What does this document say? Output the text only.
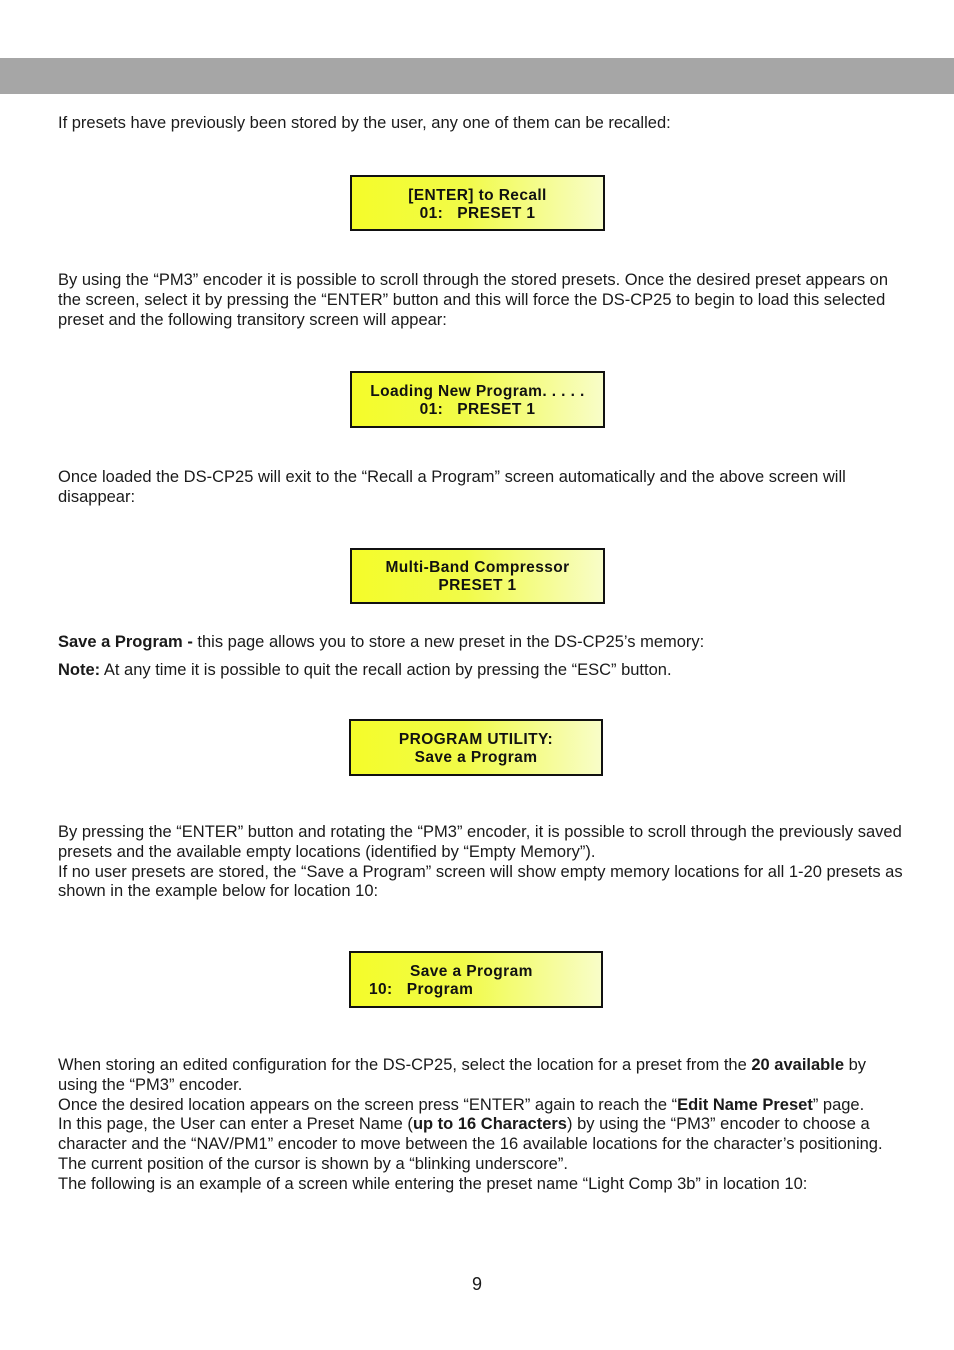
If presets have previously been stored by the user, any one of them can be recalled:

[ENTER] to Recall
01:   PRESET 1

By using the “PM3” encoder it is possible to scroll through the stored presets. Once the desired preset appears on the screen, select it by pressing the “ENTER” button and this will force the DS-CP25 to begin to load this selected preset and the following transitory screen will appear:

Loading New Program. . . . .
01:   PRESET 1

Once loaded the DS-CP25 will exit to the “Recall a Program” screen automatically and the above screen will disappear:

Multi-Band Compressor
PRESET 1

Save a Program - this page allows you to store a new preset in the DS-CP25’s memory:

Note: At any time it is possible to quit the recall action by pressing the “ESC” button.

PROGRAM UTILITY:
Save a Program
By pressing the “ENTER” button and rotating the “PM3” encoder, it is possible to scroll through the previously saved presets and the available empty locations (identified by “Empty Memory”).
If no user presets are stored, the “Save a Program” screen will show empty memory locations for all 1-20 presets as shown in the example below for location 10:
Save a Program
10:   Program
When storing an edited configuration for the DS-CP25, select the location for a preset from the 20 available by using the “PM3” encoder.
Once the desired location appears on the screen press “ENTER” again to reach the “Edit Name Preset” page.
In this page, the User can enter a Preset Name (up to 16 Characters) by using the “PM3” encoder to choose a character and the “NAV/PM1” encoder to move between the 16 available locations for the character’s positioning.
The current position of the cursor is shown by a “blinking underscore”.
The following is an example of a screen while entering the preset name “Light Comp 3b” in location 10:
9
